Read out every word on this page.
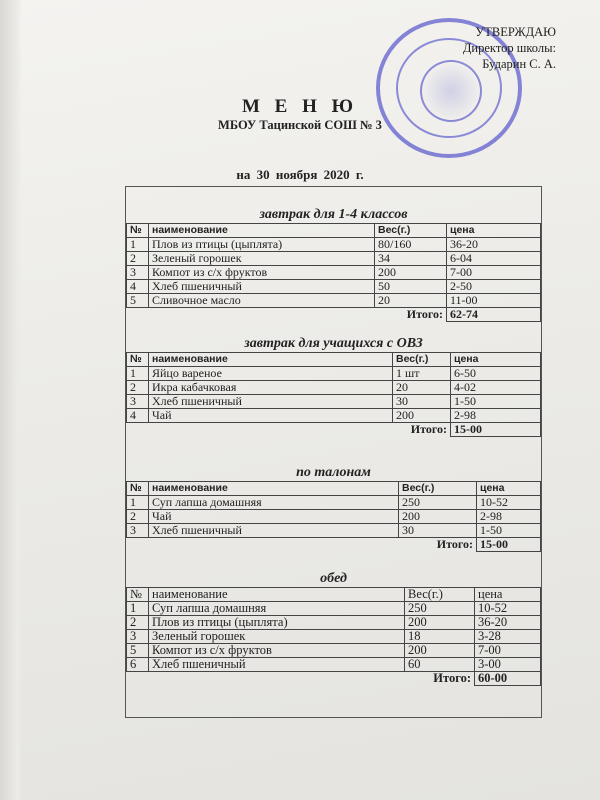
УТВЕРЖДАЮ
Директор школы:
Бударин С. А.
М Е Н Ю
МБОУ Тацинской СОШ № 3
на 30 ноября 2020 г.
завтрак для 1-4 классов
№	наименование	Вес(г.)	цена
1	Плов из птицы (цыплята)	80/160	36-20
2	Зеленый горошек	34	6-04
3	Компот из с/х фруктов	200	7-00
4	Хлеб пшеничный	50	2-50
5	Сливочное масло	20	11-00
	Итого:		62-74
завтрак для учащихся с ОВЗ
№	наименование	Вес(г.)	цена
1	Яйцо вареное	1 шт	6-50
2	Икра кабачковая	20	4-02
3	Хлеб пшеничный	30	1-50
4	Чай	200	2-98
	Итого:		15-00
по талонам
№	наименование	Вес(г.)	цена
1	Суп лапша домашняя	250	10-52
2	Чай	200	2-98
3	Хлеб пшеничный	30	1-50
	Итого:		15-00
обед
№	наименование	Вес(г.)	цена
1	Суп лапша домашняя	250	10-52
2	Плов из птицы (цыплята)	200	36-20
3	Зеленый горошек	18	3-28
5	Компот из с/х фруктов	200	7-00
6	Хлеб пшеничный	60	3-00
	Итого:		60-00
